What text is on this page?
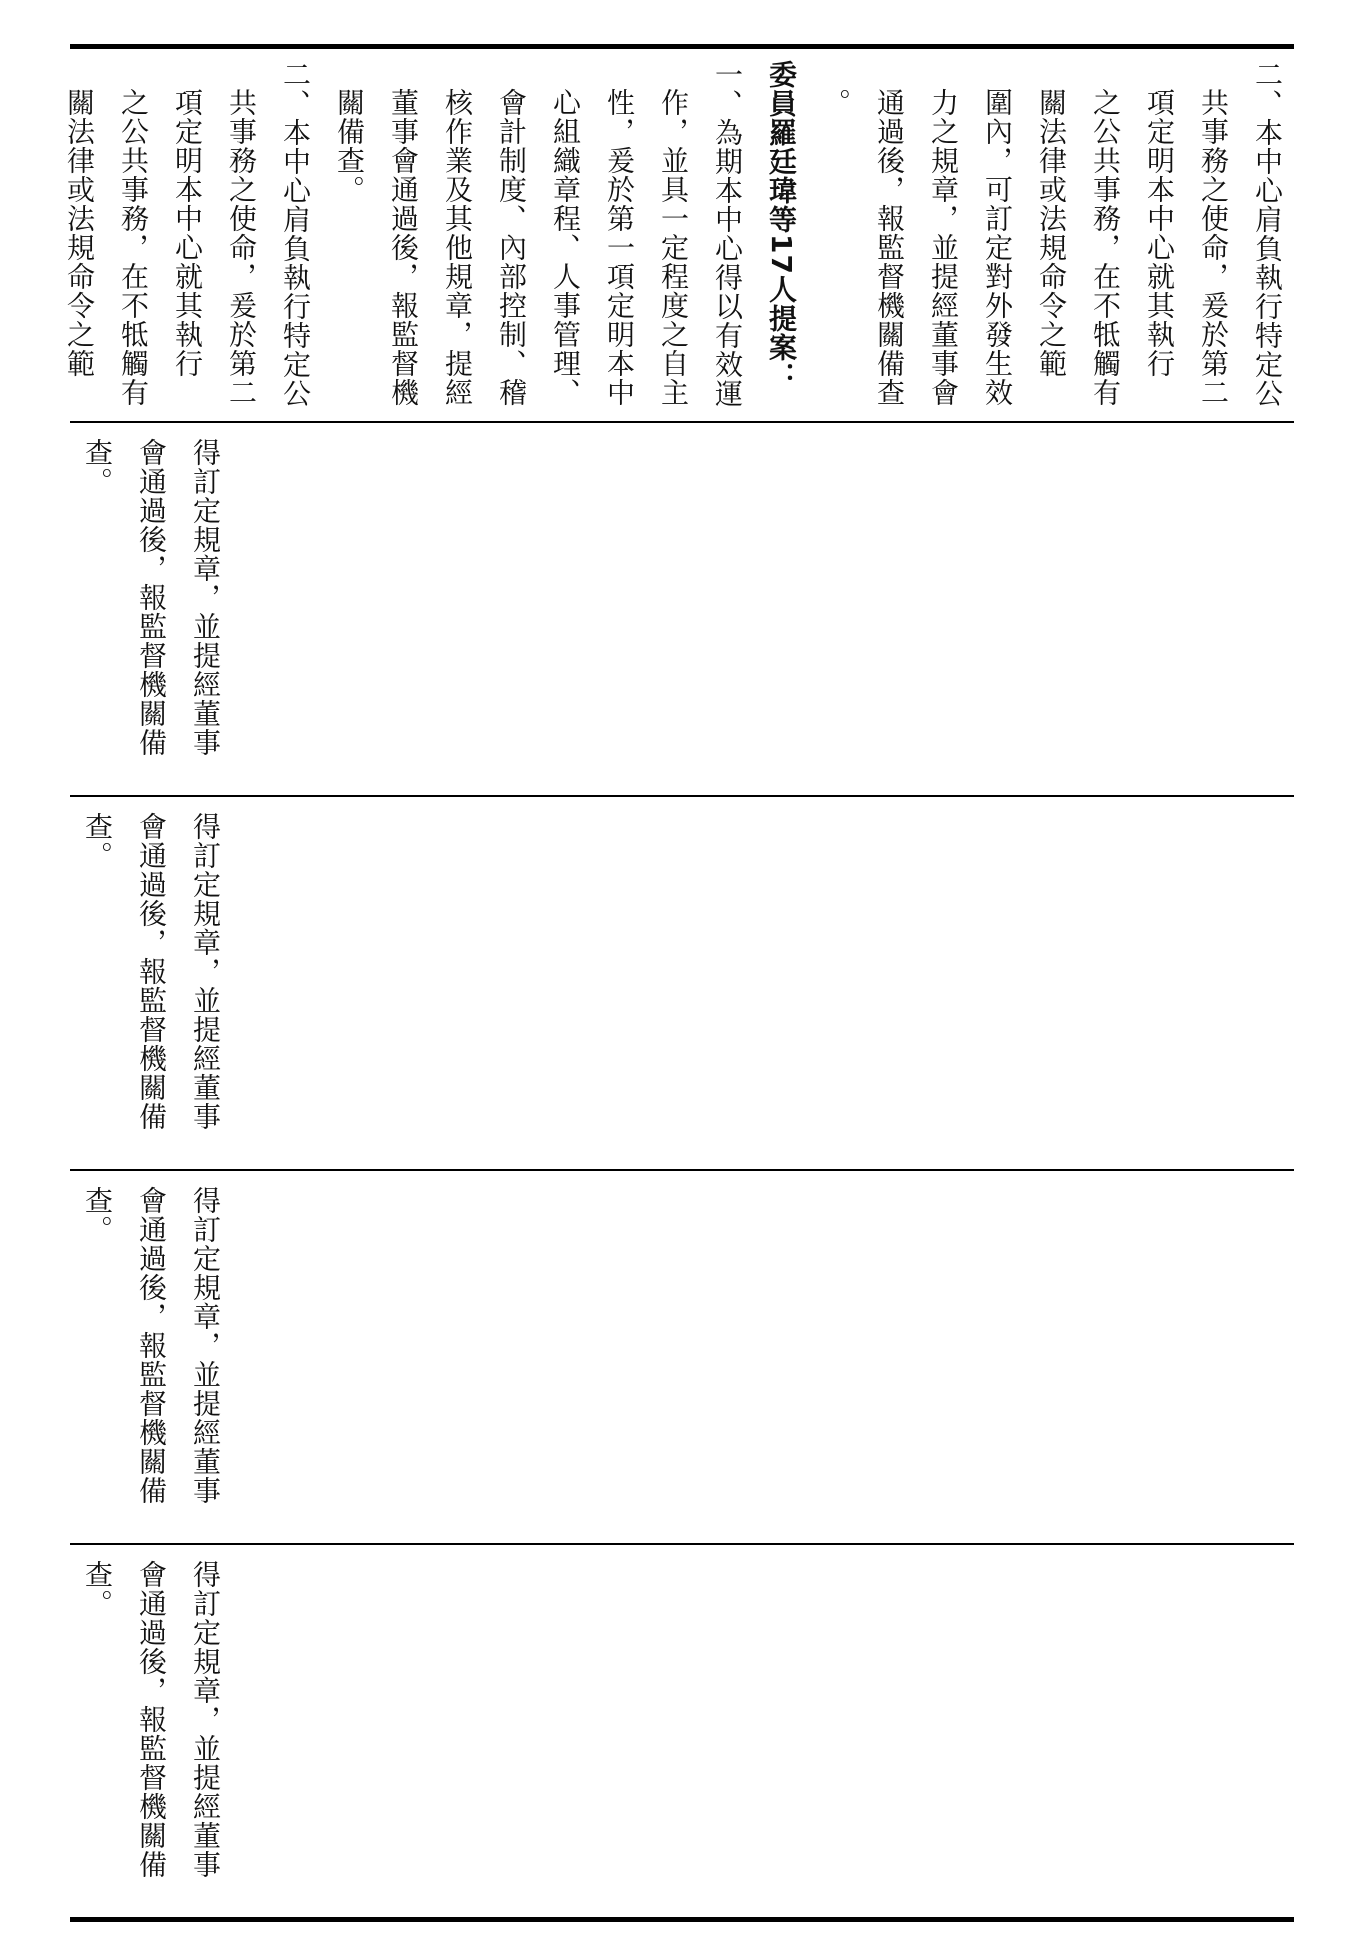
二、本中心肩負執行特定公
共事務之使命，爰於第二
項定明本中心就其執行
之公共事務，在不牴觸有
關法律或法規命令之範
圍內，可訂定對外發生效
力之規章，並提經董事會
通過後，報監督機關備查
。
委員羅廷瑋等17人提案：
一、為期本中心得以有效運
作，並具一定程度之自主
性，爰於第一項定明本中
心組織章程、人事管理、
會計制度、內部控制、稽
核作業及其他規章，提經
董事會通過後，報監督機
關備查。
二、本中心肩負執行特定公
共事務之使命，爰於第二
項定明本中心就其執行
之公共事務，在不牴觸有
關法律或法規命令之範
得訂定規章，並提經董事
會通過後，報監督機關備
查。
得訂定規章，並提經董事
會通過後，報監督機關備
查。
得訂定規章，並提經董事
會通過後，報監督機關備
查。
得訂定規章，並提經董事
會通過後，報監督機關備
查。
